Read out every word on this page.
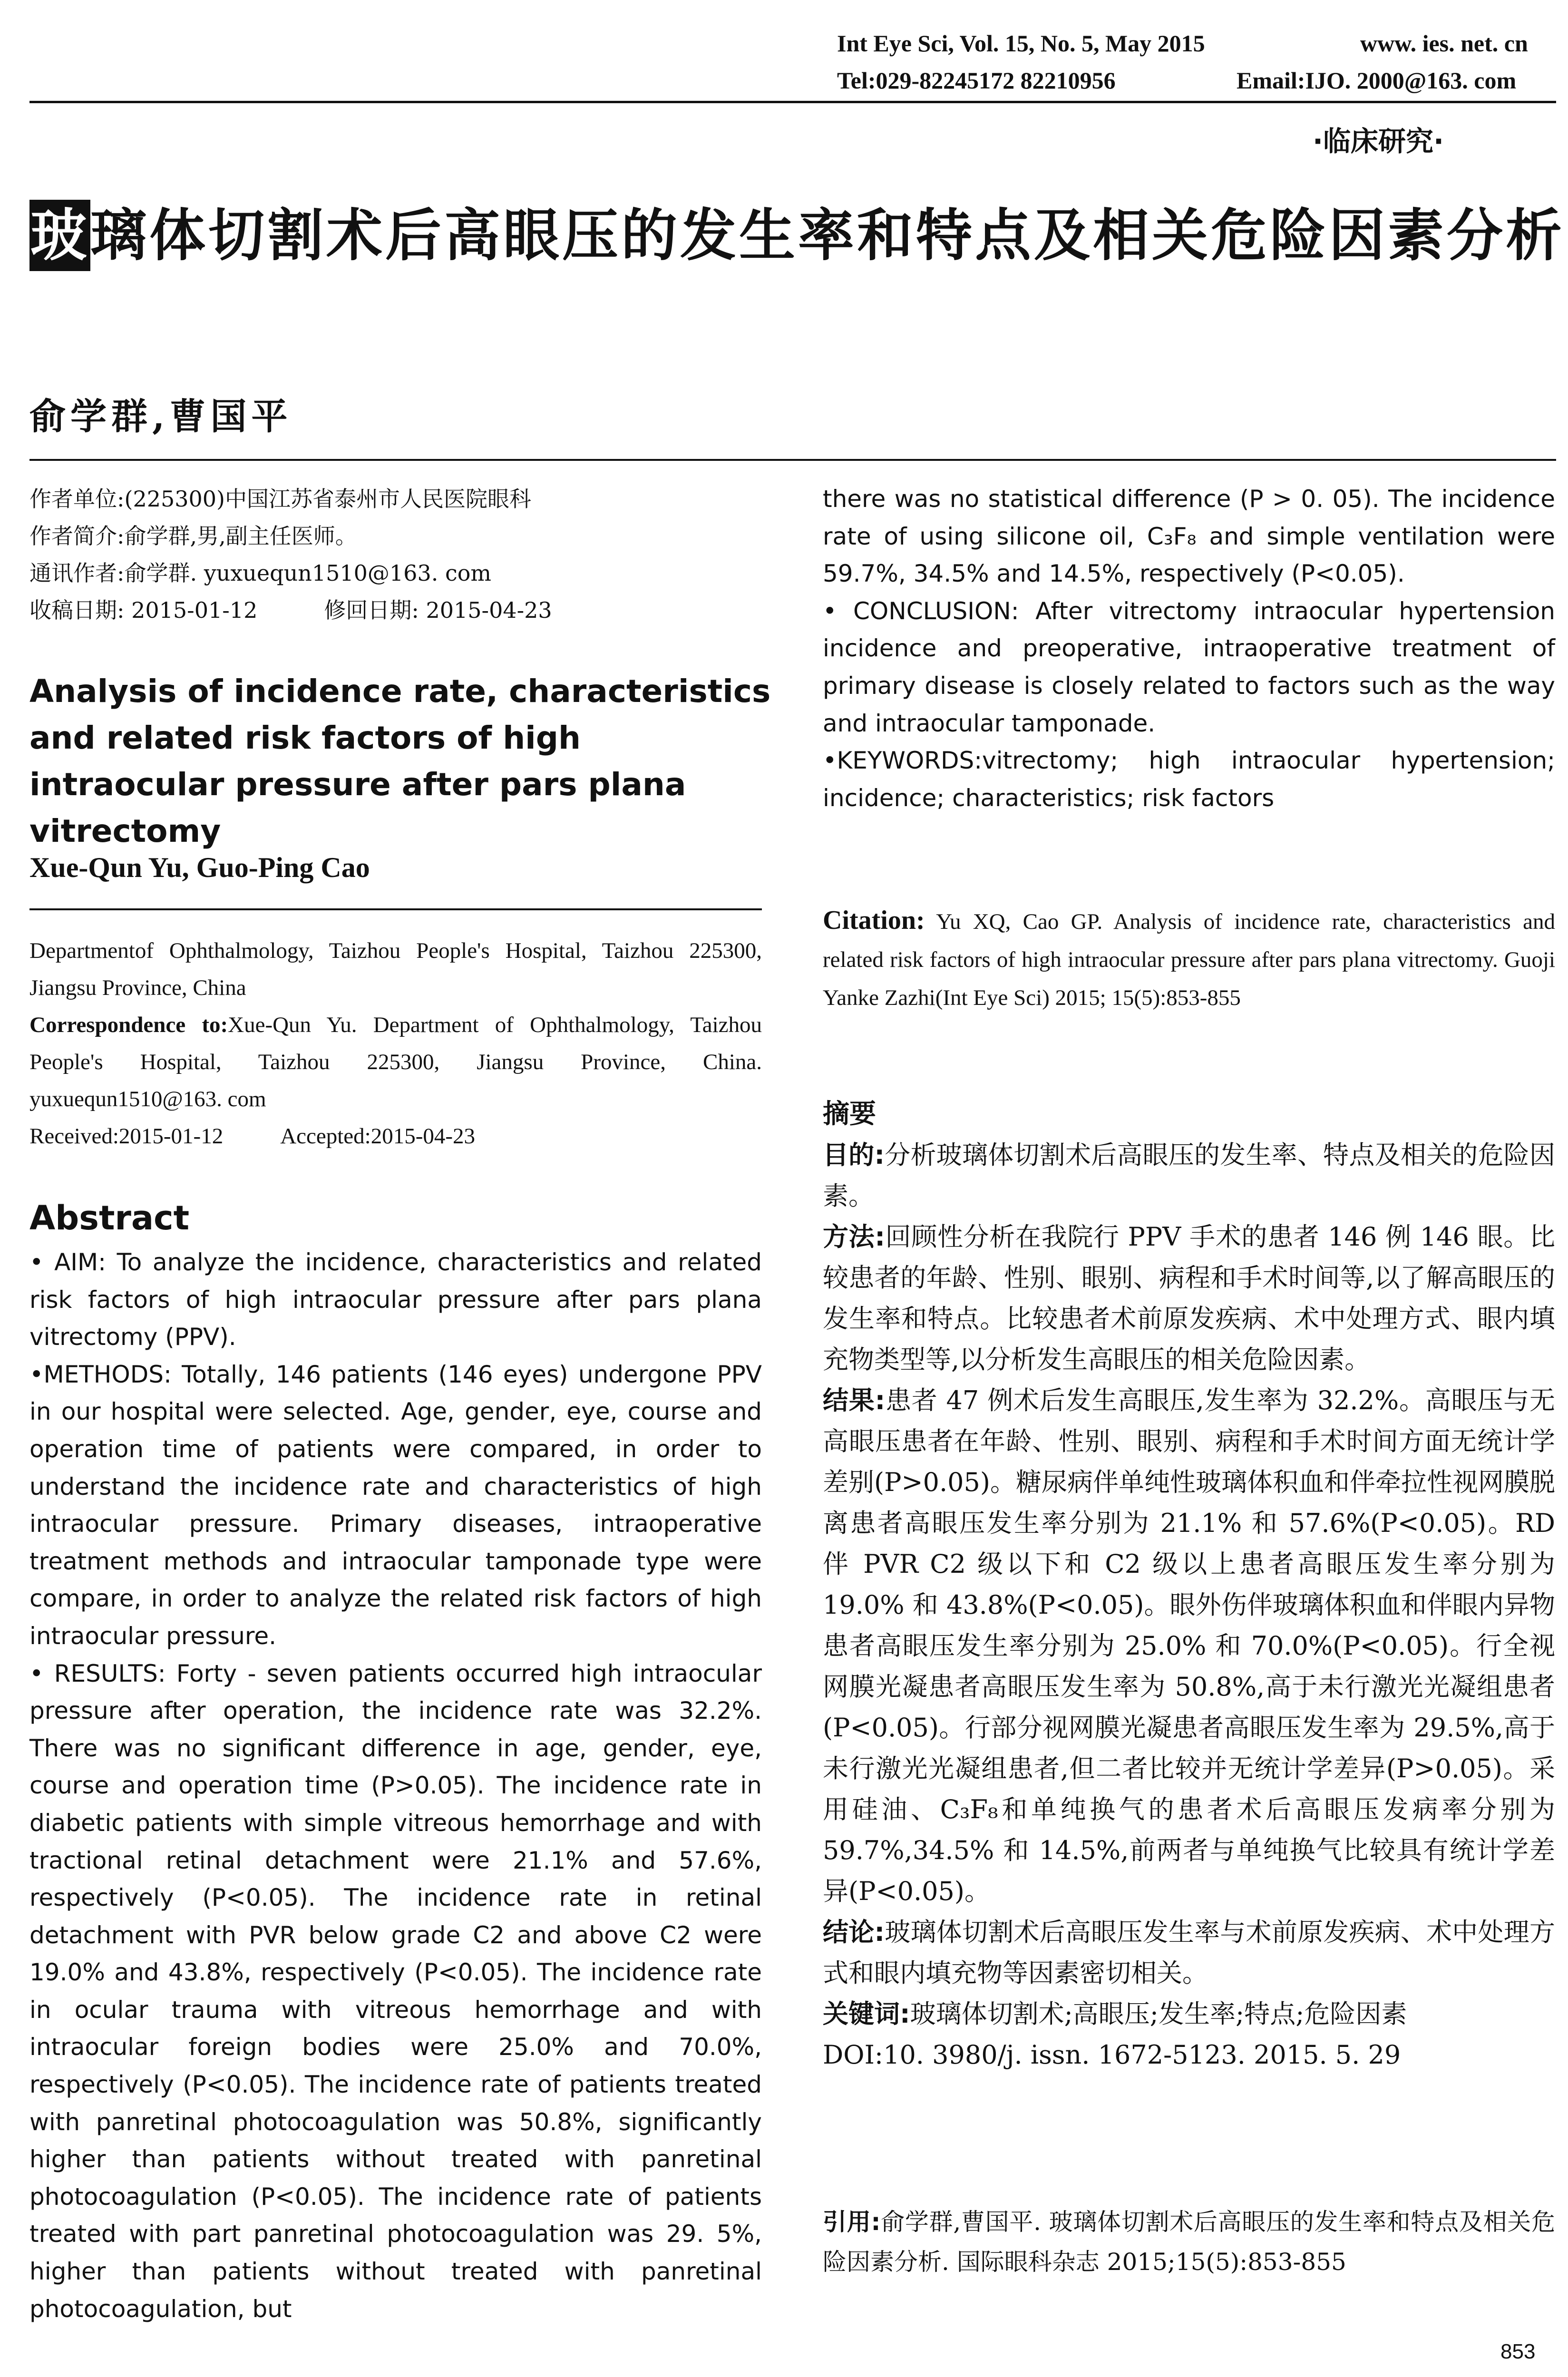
Int Eye Sci, Vol. 15, No. 5, May 2015	www. ies. net. cn
Tel:029-82245172 82210956	Email:IJO. 2000@163. com
·临床研究·
玻璃体切割术后高眼压的发生率和特点及相关危险因素分析
俞学群,曹国平
作者单位:(225300)中国江苏省泰州市人民医院眼科
作者简介:俞学群,男,副主任医师。
通讯作者:俞学群. yuxuequn1510@163. com
收稿日期: 2015-01-12	修回日期: 2015-04-23
Analysis of incidence rate, characteristics and related risk factors of high intraocular pressure after pars plana vitrectomy
Xue-Qun Yu, Guo-Ping Cao
Departmentof Ophthalmology, Taizhou People's Hospital, Taizhou 225300, Jiangsu Province, China
Correspondence to:Xue-Qun Yu. Department of Ophthalmology, Taizhou People's Hospital, Taizhou 225300, Jiangsu Province, China. yuxuequn1510@163. com
Received:2015-01-12	Accepted:2015-04-23
Abstract

• AIM: To analyze the incidence, characteristics and related risk factors of high intraocular pressure after pars plana vitrectomy (PPV).

•METHODS: Totally, 146 patients (146 eyes) undergone PPV in our hospital were selected. Age, gender, eye, course and operation time of patients were compared, in order to understand the incidence rate and characteristics of high intraocular pressure. Primary diseases, intraoperative treatment methods and intraocular tamponade type were compare, in order to analyze the related risk factors of high intraocular pressure.

• RESULTS: Forty - seven patients occurred high intraocular pressure after operation, the incidence rate was 32.2%. There was no significant difference in age, gender, eye, course and operation time (P>0.05). The incidence rate in diabetic patients with simple vitreous hemorrhage and with tractional retinal detachment were 21.1% and 57.6%, respectively (P<0.05). The incidence rate in retinal detachment with PVR below grade C2 and above C2 were 19.0% and 43.8%, respectively (P<0.05). The incidence rate in ocular trauma with vitreous hemorrhage and with intraocular foreign bodies were 25.0% and 70.0%, respectively (P<0.05). The incidence rate of patients treated with panretinal photocoagulation was 50.8%, significantly higher than patients without treated with panretinal photocoagulation (P<0.05). The incidence rate of patients treated with part panretinal photocoagulation was 29. 5%, higher than patients without treated with panretinal photocoagulation, but

there was no statistical difference (P > 0. 05). The incidence rate of using silicone oil, C₃F₈ and simple ventilation were 59.7%, 34.5% and 14.5%, respectively (P<0.05).

• CONCLUSION: After vitrectomy intraocular hypertension incidence and preoperative, intraoperative treatment of primary disease is closely related to factors such as the way and intraocular tamponade.

•KEYWORDS:vitrectomy; high intraocular hypertension; incidence; characteristics; risk factors

Citation: Yu XQ, Cao GP. Analysis of incidence rate, characteristics and related risk factors of high intraocular pressure after pars plana vitrectomy. Guoji Yanke Zazhi(Int Eye Sci) 2015; 15(5):853-855

摘要

目的:分析玻璃体切割术后高眼压的发生率、特点及相关的危险因素。

方法:回顾性分析在我院行 PPV 手术的患者 146 例 146 眼。比较患者的年龄、性别、眼别、病程和手术时间等,以了解高眼压的发生率和特点。比较患者术前原发疾病、术中处理方式、眼内填充物类型等,以分析发生高眼压的相关危险因素。

结果:患者 47 例术后发生高眼压,发生率为 32.2%。高眼压与无高眼压患者在年龄、性别、眼别、病程和手术时间方面无统计学差别(P>0.05)。糖尿病伴单纯性玻璃体积血和伴牵拉性视网膜脱离患者高眼压发生率分别为 21.1% 和 57.6%(P<0.05)。RD 伴 PVR C2 级以下和 C2 级以上患者高眼压发生率分别为 19.0% 和 43.8%(P<0.05)。眼外伤伴玻璃体积血和伴眼内异物患者高眼压发生率分别为 25.0% 和 70.0%(P<0.05)。行全视网膜光凝患者高眼压发生率为 50.8%,高于未行激光光凝组患者(P<0.05)。行部分视网膜光凝患者高眼压发生率为 29.5%,高于未行激光光凝组患者,但二者比较并无统计学差异(P>0.05)。采用硅油、C₃F₈和单纯换气的患者术后高眼压发病率分别为 59.7%,34.5% 和 14.5%,前两者与单纯换气比较具有统计学差异(P<0.05)。

结论:玻璃体切割术后高眼压发生率与术前原发疾病、术中处理方式和眼内填充物等因素密切相关。

关键词:玻璃体切割术;高眼压;发生率;特点;危险因素

DOI:10. 3980/j. issn. 1672-5123. 2015. 5. 29

引用:俞学群,曹国平. 玻璃体切割术后高眼压的发生率和特点及相关危险因素分析. 国际眼科杂志 2015;15(5):853-855
853
